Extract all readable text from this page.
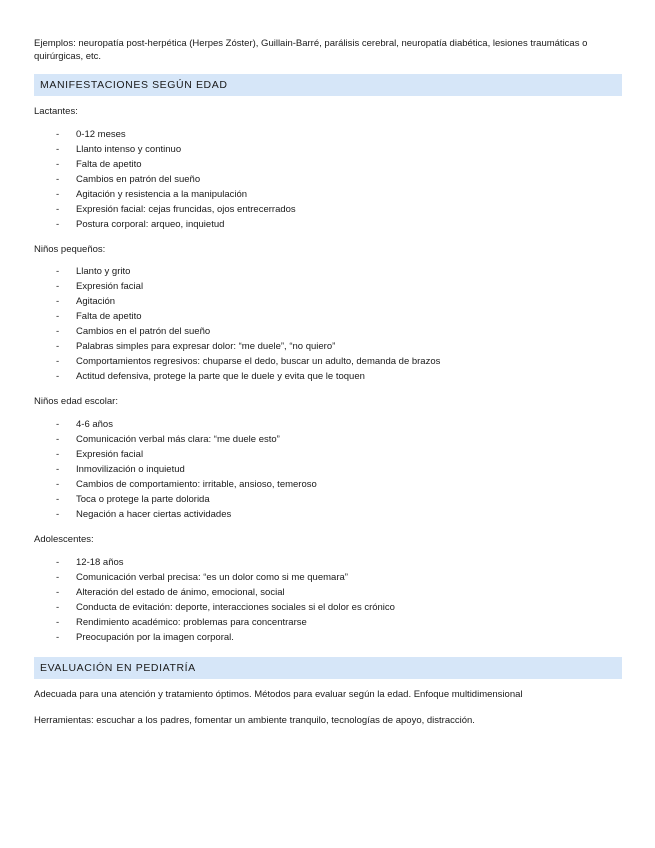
Ejemplos: neuropatía post-herpética (Herpes Zóster), Guillain-Barré, parálisis cerebral, neuropatía diabética, lesiones traumáticas o quirúrgicas, etc.

MANIFESTACIONES SEGÚN EDAD

Lactantes:

- 0-12 meses
- Llanto intenso y continuo
- Falta de apetito
- Cambios en patrón del sueño
- Agitación y resistencia a la manipulación
- Expresión facial: cejas fruncidas, ojos entrecerrados
- Postura corporal: arqueo, inquietud

Niños pequeños:

- Llanto y grito
- Expresión facial
- Agitación
- Falta de apetito
- Cambios en el patrón del sueño
- Palabras simples para expresar dolor: “me duele”, “no quiero”
- Comportamientos regresivos: chuparse el dedo, buscar un adulto, demanda de brazos
- Actitud defensiva, protege la parte que le duele y evita que le toquen

Niños edad escolar:

- 4-6 años
- Comunicación verbal más clara: “me duele esto”
- Expresión facial
- Inmovilización o inquietud
- Cambios de comportamiento: irritable, ansioso, temeroso
- Toca o protege la parte dolorida
- Negación a hacer ciertas actividades

Adolescentes:

- 12-18 años
- Comunicación verbal precisa: “es un dolor como si me quemara”
- Alteración del estado de ánimo, emocional, social
- Conducta de evitación: deporte, interacciones sociales si el dolor es crónico
- Rendimiento académico: problemas para concentrarse
- Preocupación por la imagen corporal.
EVALUACIÓN EN PEDIATRÍA

Adecuada para una atención y tratamiento óptimos. Métodos para evaluar según la edad. Enfoque multidimensional

Herramientas: escuchar a los padres, fomentar un ambiente tranquilo, tecnologías de apoyo, distracción.
